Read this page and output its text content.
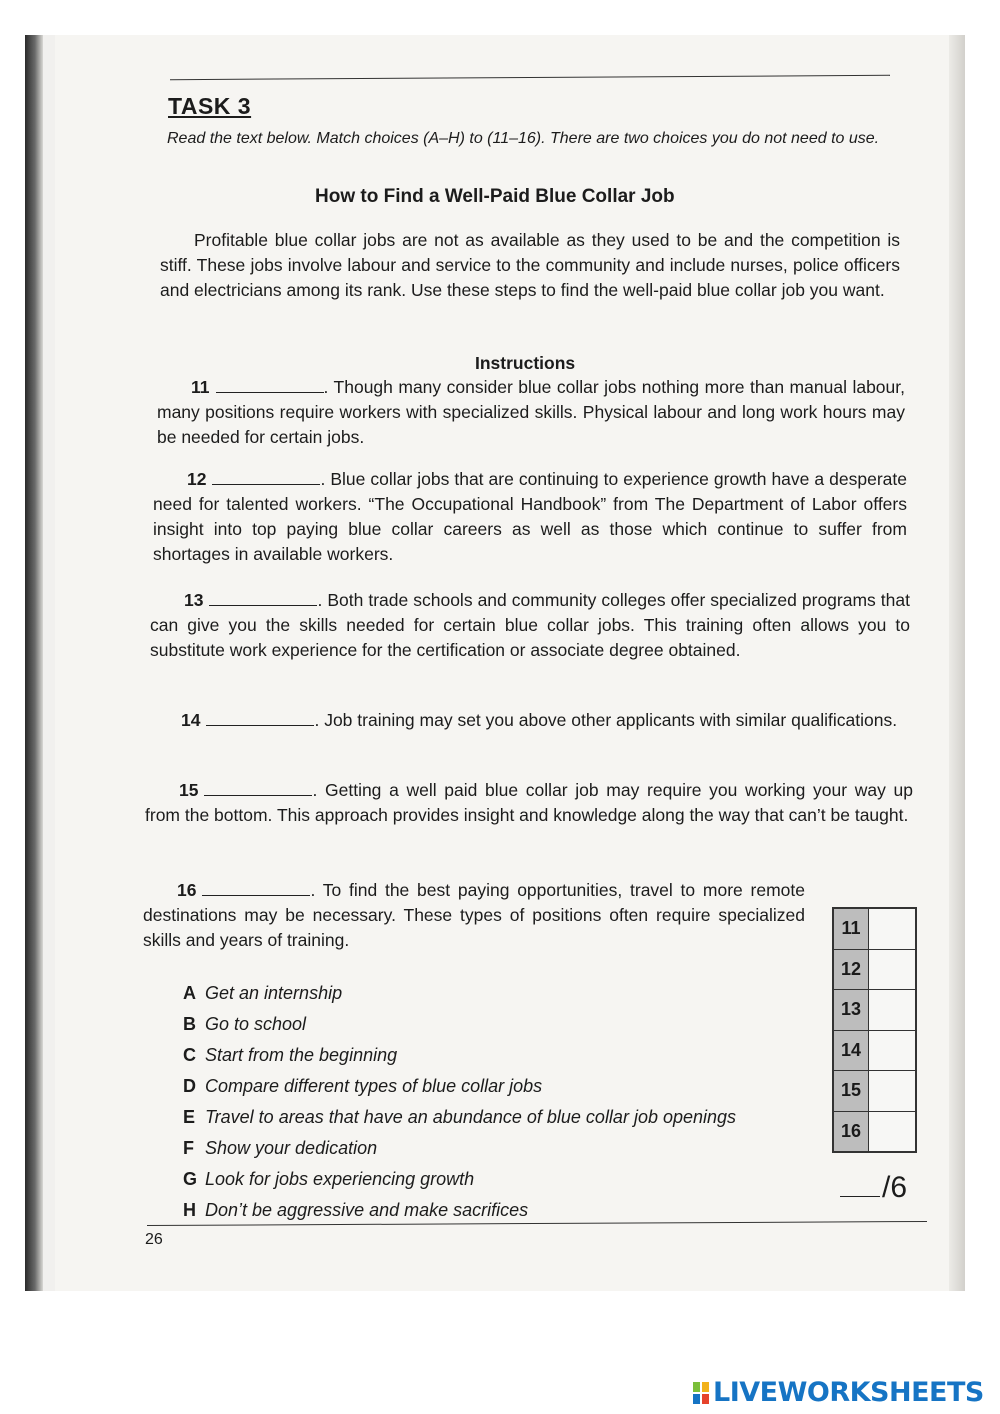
TASK 3

Read the text below. Match choices (A–H) to (11–16). There are two choices you do not need to use.

How to Find a Well-Paid Blue Collar Job

Profitable blue collar jobs are not as available as they used to be and the competition is stiff. These jobs involve labour and service to the community and include nurses, police officers and electricians among its rank. Use these steps to find the well-paid blue collar job you want.

Instructions

11	. Though many consider blue collar jobs nothing more than manual labour, many positions require workers with specialized skills. Physical labour and long work hours may be needed for certain jobs.

12	. Blue collar jobs that are continuing to experience growth have a desperate need for talented workers. “The Occupational Handbook” from The Department of Labor offers insight into top paying blue collar careers as well as those which continue to suffer from shortages in available workers.

13	. Both trade schools and community colleges offer specialized programs that can give you the skills needed for certain blue collar jobs. This training often allows you to substitute work experience for the certification or associate degree obtained.

14	. Job training may set you above other applicants with similar qualifications.

15	. Getting a well paid blue collar job may require you working your way up from the bottom. This approach provides insight and knowledge along the way that can’t be taught.

16	. To find the best paying opportunities, travel to more remote destinations may be necessary. These types of positions often require specialized skills and years of training.

A Get an internship
B Go to school
C Start from the beginning
D Compare different types of blue collar jobs
E Travel to areas that have an abundance of blue collar job openings
F Show your dedication
G Look for jobs experiencing growth
H Don’t be aggressive and make sacrifices
11	
12	
13	
14	
15	
16	
/6
26
LIVEWORKSHEETS
